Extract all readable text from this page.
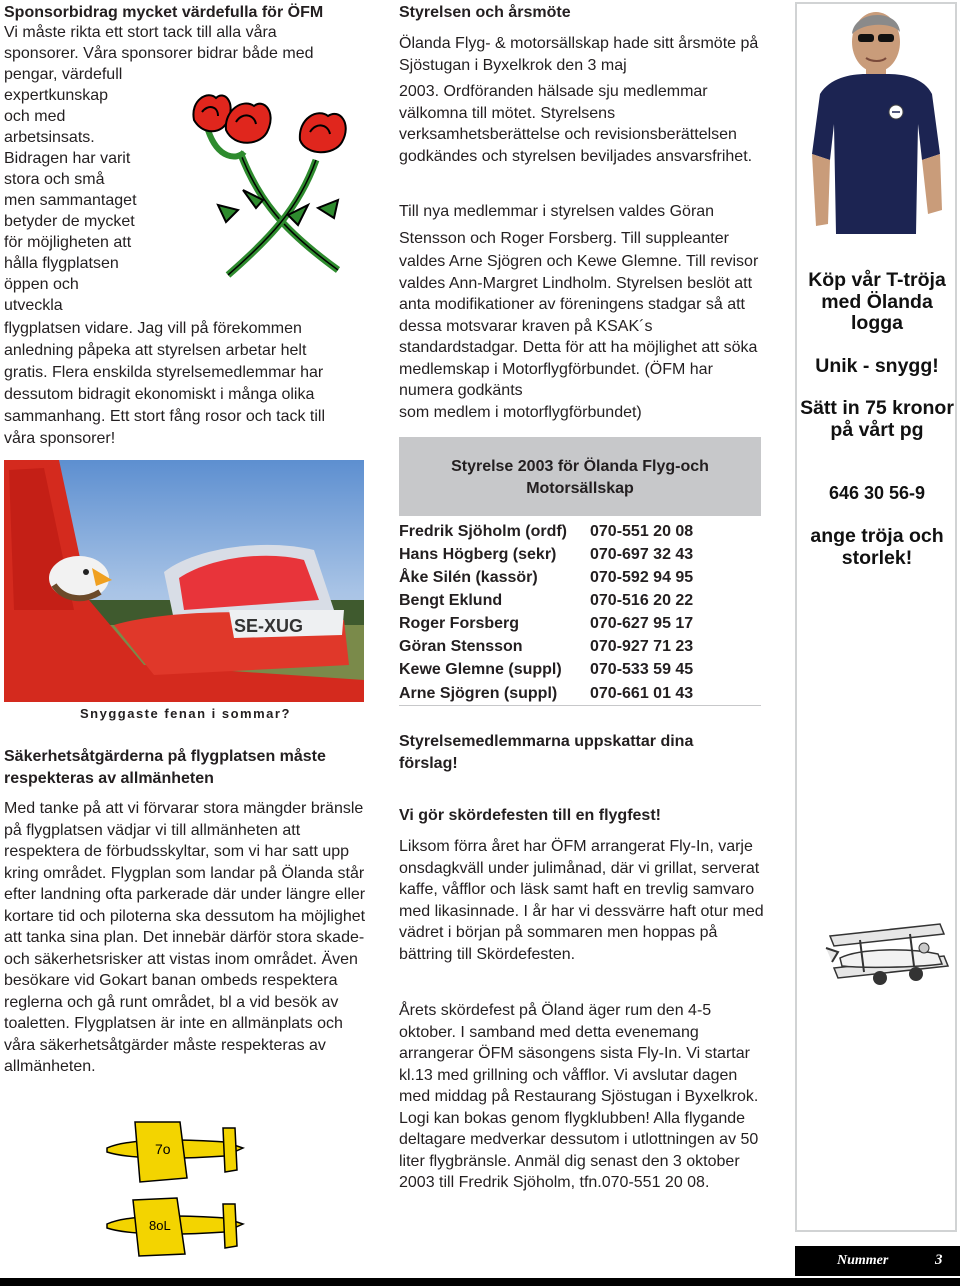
Sponsorbidrag mycket värdefulla för ÖFM
Vi måste rikta ett stort tack till alla våra
sponsorer. Våra sponsorer bidrar både med
pengar, värdefull
expertkunskap
och med
arbetsinsats.
Bidragen har varit
stora och små
men sammantaget
betyder de mycket
för möjligheten att
hålla flygplatsen
öppen och
utveckla
flygplatsen vidare. Jag vill på förekommen
anledning påpeka att styrelsen arbetar helt
gratis. Flera enskilda styrelsemedlemmar har
dessutom bidragit ekonomiskt i många olika
sammanhang. Ett stort fång rosor och tack till
våra sponsorer!
SE-XUG
Snyggaste fenan i sommar?
Säkerhetsåtgärderna på flygplatsen måste respekteras av allmänheten

Med tanke på att vi förvarar stora mängder bränsle på flygplatsen vädjar vi till allmänheten att respektera de förbudsskyltar, som vi har satt upp kring området. Flygplan som landar på Ölanda står efter landning ofta parkerade där under längre eller kortare tid och piloterna ska dessutom ha möjlighet att tanka sina plan. Det innebär därför stora skade- och säkerhetsrisker att vistas inom området. Även besökare vid Gokart banan ombeds respektera reglerna och gå runt området, bl a vid besök av toaletten. Flygplatsen är inte en allmänplats och våra säkerhetsåtgärder måste respekteras av allmänheten.

7o
8oL
Styrelsen och årsmöte

Ölanda Flyg- & motorsällskap hade sitt årsmöte på Sjöstugan i Byxelkrok den 3 maj

2003. Ordföranden hälsade sju medlemmar välkomna till mötet. Styrelsens verksamhetsberättelse och revisionsberättelsen godkändes och styrelsen beviljades ansvarsfrihet.

Till nya medlemmar i styrelsen valdes Göran

Stensson och Roger Forsberg. Till suppleanter

valdes Arne Sjögren och Kewe Glemne. Till revisor valdes Ann-Margret Lindholm. Styrelsen beslöt att anta modifikationer av föreningens stadgar så att dessa motsvarar kraven på KSAK´s standardstadgar. Detta för att ha möjlighet att söka medlemskap i Motorflygförbundet. (ÖFM har numera godkänts

som medlem i motorflygförbundet)

Styrelse 2003 för Ölanda Flyg-och Motorsällskap
Fredrik Sjöholm (ordf) 070-551 20 08
Hans Högberg (sekr) 070-697 32 43
Åke Silén (kassör)	070-592 94 95
Bengt Eklund	070-516 20 22
Roger Forsberg	070-627 95 17
Göran Stensson	070-927 71 23
Kewe Glemne (suppl) 070-533 59 45
Arne Sjögren (suppl) 070-661 01 43
Styrelsemedlemmarna uppskattar dina förslag!
Vi gör skördefesten till en flygfest!

Liksom förra året har ÖFM arrangerat Fly-In, varje onsdagkväll under julimånad, där vi grillat, serverat kaffe, våfflor och läsk samt haft en trevlig samvaro med likasinnade. I år har vi dessvärre haft otur med vädret i början på sommaren men hoppas på bättring till Skördefesten.

Årets skördefest på Öland äger rum den 4-5 oktober. I samband med detta evenemang arrangerar ÖFM säsongens sista Fly-In. Vi startar kl.13 med grillning och våfflor. Vi avslutar dagen med middag på Restaurang Sjöstugan i Byxelkrok. Logi kan bokas genom flygklubben! Alla flygande deltagare medverkar dessutom i utlottningen av 50 liter flygbränsle. Anmäl dig senast den 3 oktober 2003 till Fredrik Sjöholm, tfn.070-551 20 08.

Köp vår T-tröja med Ölanda logga
Unik - snygg!
Sätt in 75 kronor på vårt pg
646 30 56-9
ange tröja och storlek!
Nummer	3
